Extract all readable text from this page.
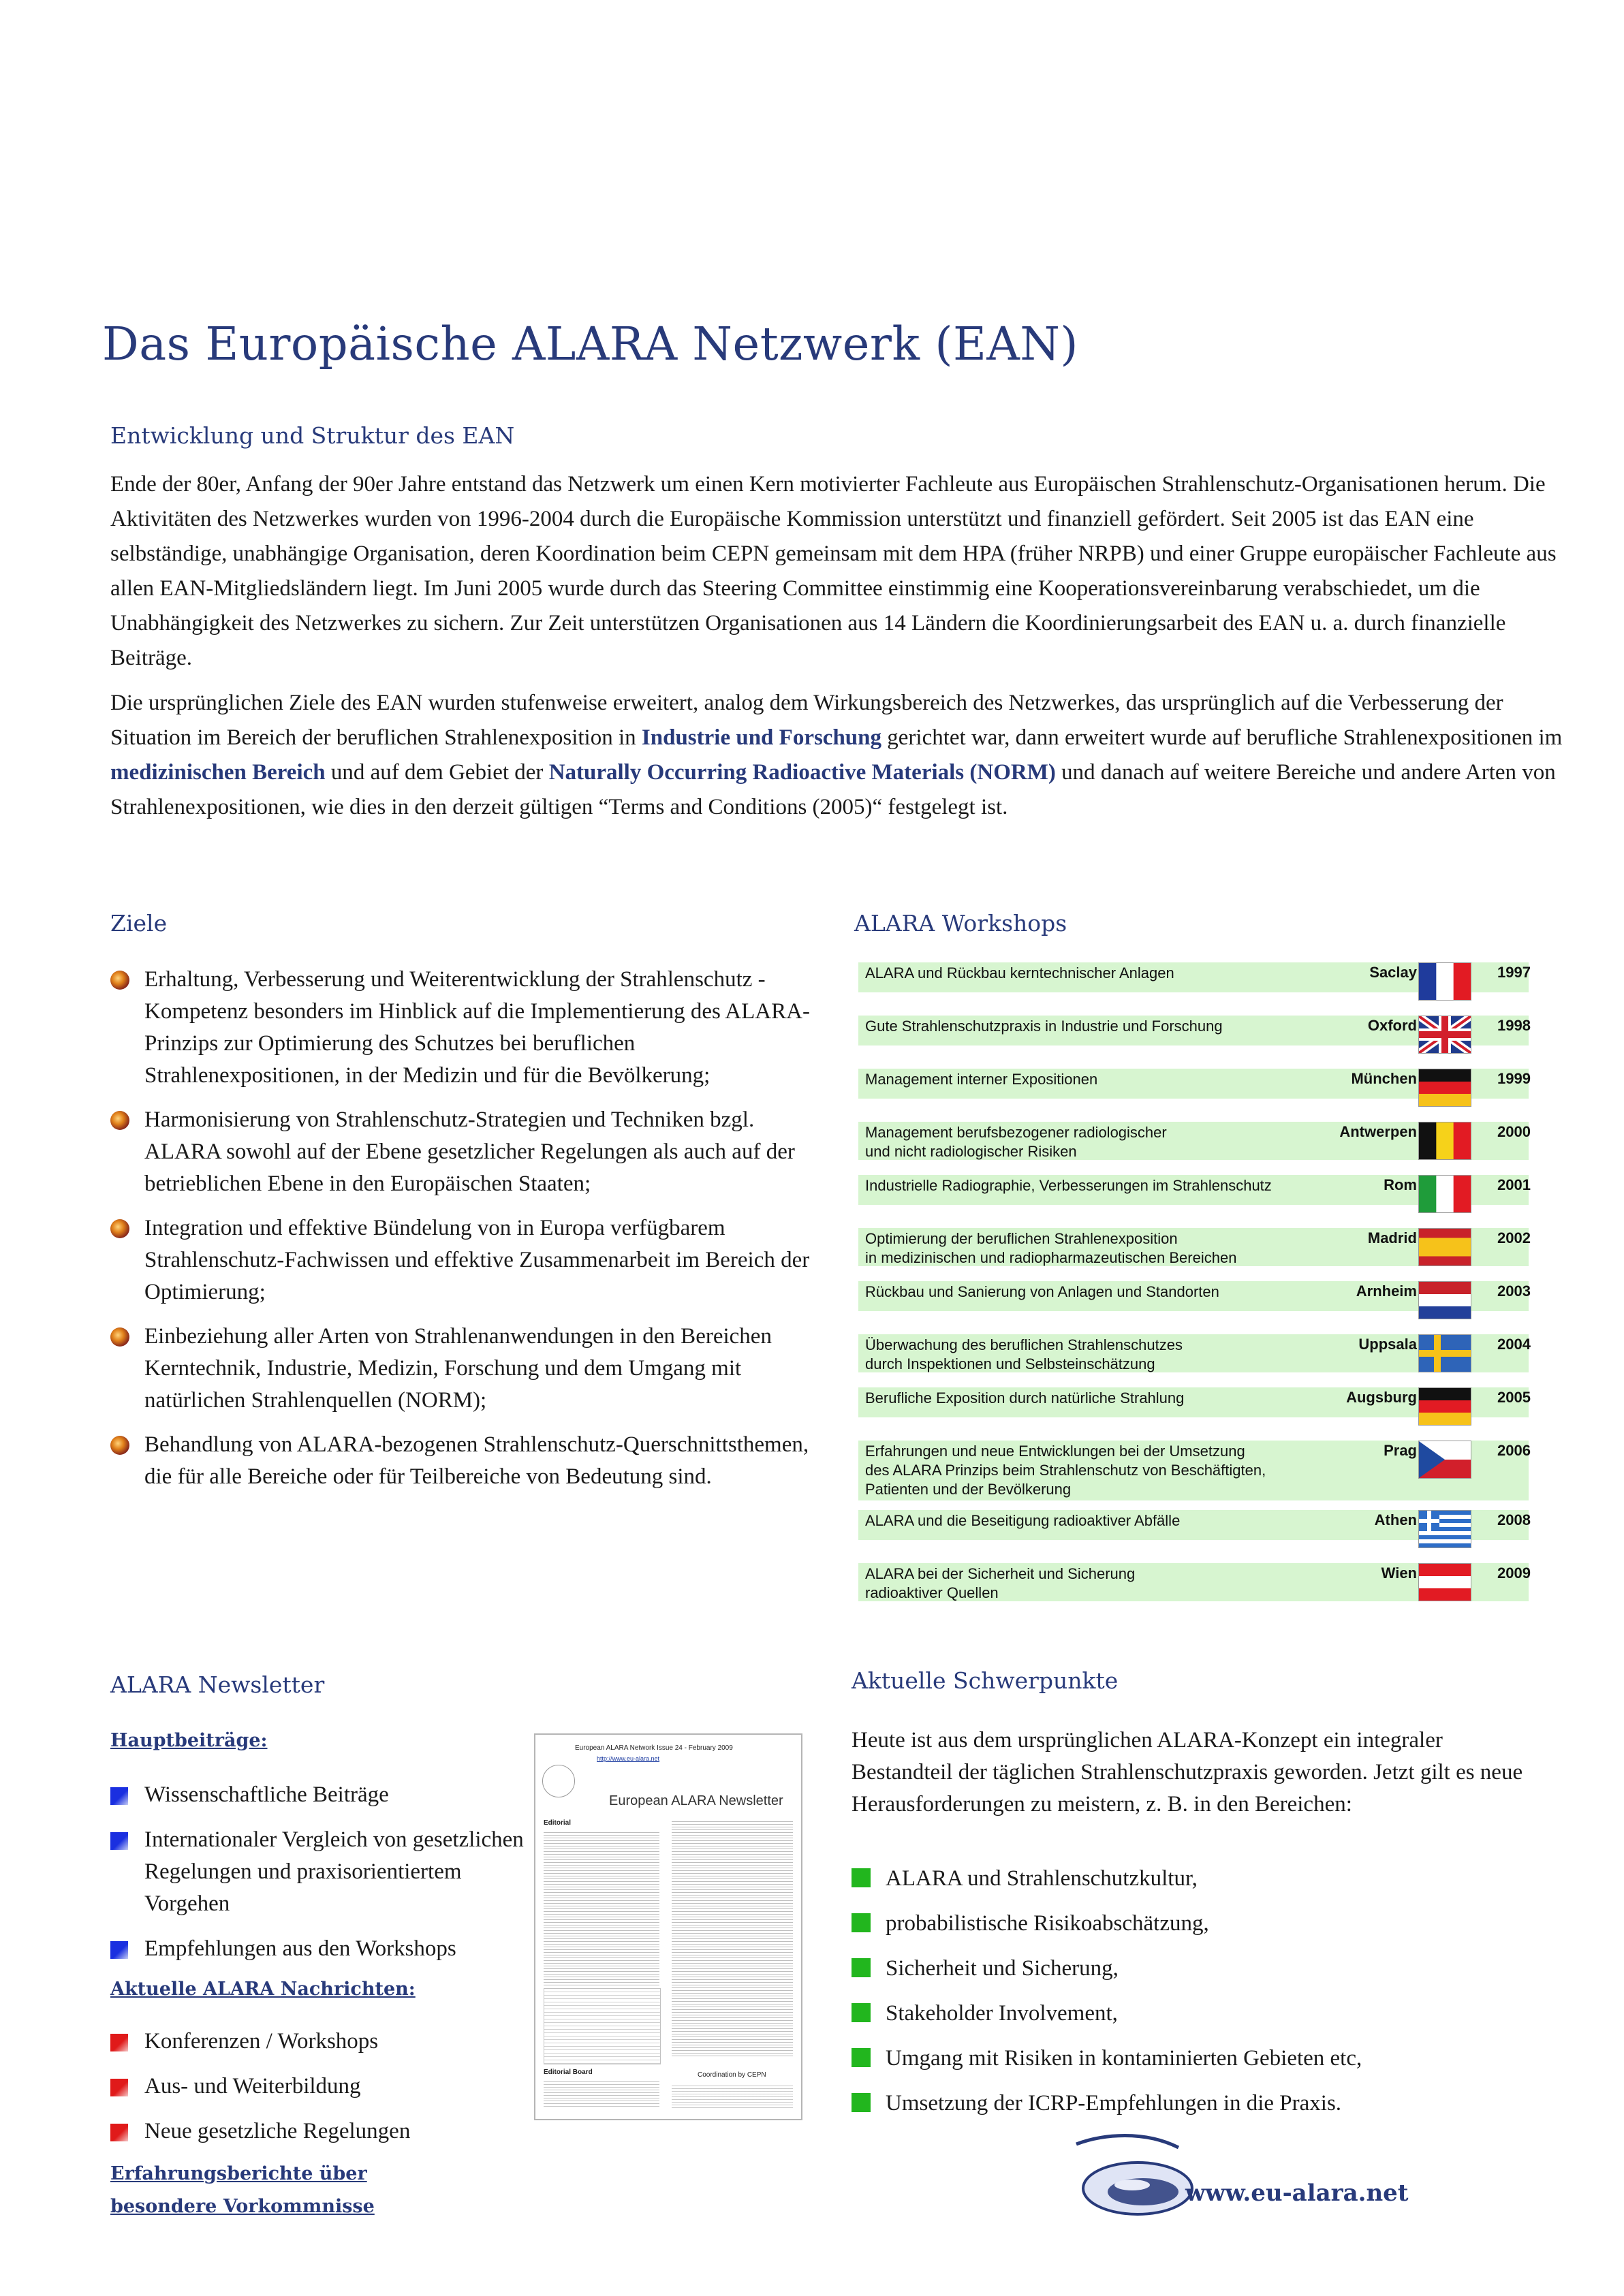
Das Europäische ALARA Netzwerk (EAN)
Entwicklung und Struktur des EAN

Ende der 80er, Anfang der 90er Jahre entstand das Netzwerk um einen Kern motivierter Fachleute aus Europäischen Strahlenschutz-Organisationen herum. Die Aktivitäten des Netzwerkes wurden von 1996-2004 durch die Europäische Kommission unterstützt und finanziell gefördert. Seit 2005 ist das EAN eine selbständige, unabhängige Organisation, deren Koordination beim CEPN gemeinsam mit dem HPA (früher NRPB) und einer Gruppe europäischer Fachleute aus allen EAN-Mitgliedsländern liegt. Im Juni 2005 wurde durch das Steering Committee einstimmig eine Kooperationsvereinbarung verabschiedet, um die Unabhängigkeit des Netzwerkes zu sichern. Zur Zeit unterstützen Organisationen aus 14 Ländern die Koordinierungsarbeit des EAN u. a. durch finanzielle Beiträge.

Die ursprünglichen Ziele des EAN wurden stufenweise erweitert, analog dem Wirkungsbereich des Netzwerkes, das ursprünglich auf die Verbesserung der Situation im Bereich der beruflichen Strahlenexposition in Industrie und Forschung gerichtet war, dann erweitert wurde auf berufliche Strahlenexpositionen im medizinischen Bereich und auf dem Gebiet der Naturally Occurring Radioactive Materials (NORM) und danach auf weitere Bereiche und andere Arten von Strahlenexpositionen, wie dies in den derzeit gültigen “Terms and Conditions (2005)“ festgelegt ist.

Ziele
Erhaltung, Verbesserung und Weiterentwicklung der Strahlenschutz -Kompetenz besonders im Hinblick auf die Implementierung des ALARA-Prinzips zur Optimierung des Schutzes bei beruflichen Strahlenexpositionen, in der Medizin und für die Bevölkerung;
Harmonisierung von Strahlenschutz-Strategien und Techniken bzgl. ALARA sowohl auf der Ebene gesetzlicher Regelungen als auch auf der betrieblichen Ebene in den Europäischen Staaten;
Integration und effektive Bündelung von in Europa verfügbarem Strahlenschutz-Fachwissen und effektive Zusammenarbeit im Bereich der Optimierung;
Einbeziehung aller Arten von Strahlenanwendungen in den Bereichen Kerntechnik, Industrie, Medizin, Forschung und dem Umgang mit natürlichen Strahlenquellen (NORM);
Behandlung von ALARA-bezogenen Strahlenschutz-Querschnittsthemen, die für alle Bereiche oder für Teilbereiche von Bedeutung sind.
ALARA Workshops
ALARA und Rückbau kerntechnischer Anlagen	Saclay	1997
Gute Strahlenschutzpraxis in Industrie und Forschung	Oxford	1998
Management interner Expositionen	München	1999
Management berufsbezogener radiologischer
und nicht radiologischer Risiken
Antwerpen	2000
Industrielle Radiographie, Verbesserungen im Strahlenschutz	Rom	2001
Optimierung der beruflichen Strahlenexposition
in medizinischen und radiopharmazeutischen Bereichen
Madrid	2002
Rückbau und Sanierung von Anlagen und Standorten	Arnheim	2003
Überwachung des beruflichen Strahlenschutzes
durch Inspektionen und Selbsteinschätzung
Uppsala	2004
Berufliche Exposition durch natürliche Strahlung	Augsburg	2005
Erfahrungen und neue Entwicklungen bei der Umsetzung
des ALARA Prinzips beim Strahlenschutz von Beschäftigten,
Patienten und der Bevölkerung
Prag	2006
ALARA und die Beseitigung radioaktiver Abfälle	Athen	2008
ALARA bei der Sicherheit und Sicherung
radioaktiver Quellen
Wien	2009
ALARA Newsletter
Hauptbeiträge:
Wissenschaftliche Beiträge
Internationaler Vergleich von gesetzlichen Regelungen und praxisorientiertem Vorgehen
Empfehlungen aus den Workshops
Aktuelle ALARA Nachrichten:
Konferenzen / Workshops
Aus- und Weiterbildung
Neue gesetzliche Regelungen
Erfahrungsberichte über
besondere Vorkommnisse
European ALARA Network Issue 24 - February 2009
http://www.eu-alara.net
European ALARA Newsletter
Editorial
Editorial Board	Coordination by CEPN
Aktuelle Schwerpunkte
Heute ist aus dem ursprünglichen ALARA-Konzept ein integraler Bestandteil der täglichen Strahlenschutzpraxis geworden. Jetzt gilt es neue Herausforderungen zu meistern, z. B. in den Bereichen:
ALARA und Strahlenschutzkultur,
probabilistische Risikoabschätzung,
Sicherheit und Sicherung,
Stakeholder Involvement,
Umgang mit Risiken in kontaminierten Gebieten etc,
Umsetzung der ICRP-Empfehlungen in die Praxis.
www.eu-alara.net
